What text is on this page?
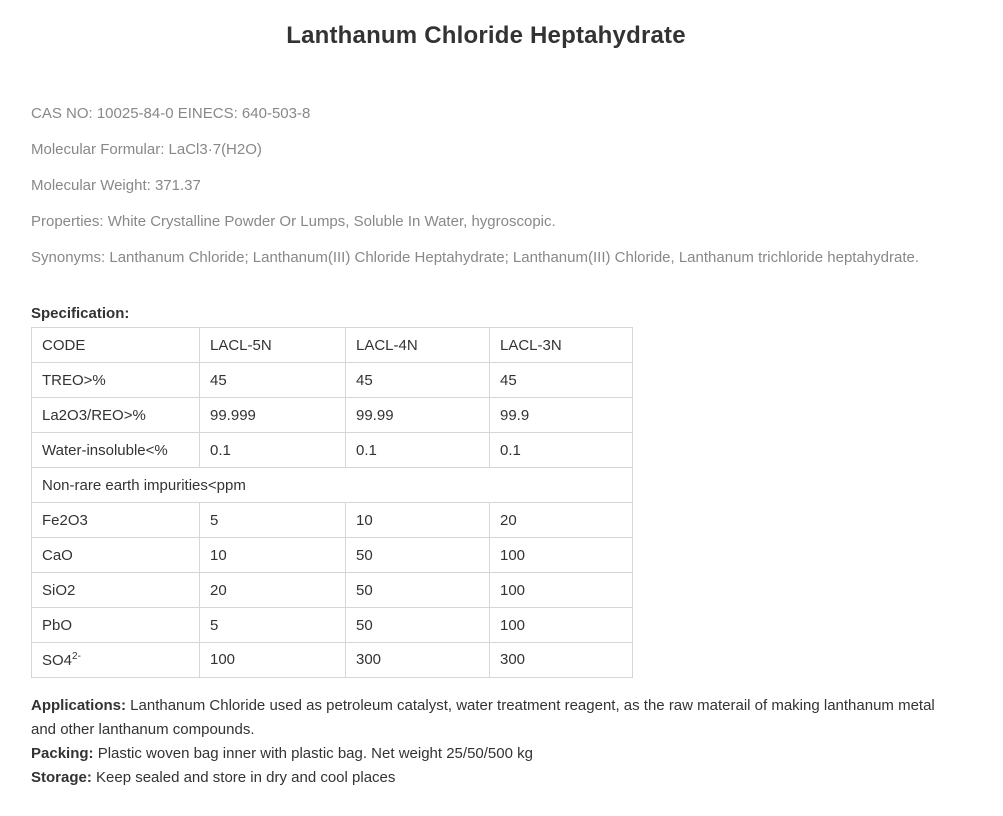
Lanthanum Chloride Heptahydrate
CAS NO: 10025-84-0 EINECS: 640-503-8
Molecular Formular: LaCl3·7(H2O)
Molecular Weight: 371.37
Properties: White Crystalline Powder Or Lumps, Soluble In Water, hygroscopic.
Synonyms: Lanthanum Chloride; Lanthanum(III) Chloride Heptahydrate; Lanthanum(III) Chloride, Lanthanum trichloride heptahydrate.
Specification:
CODE	LACL-5N	LACL-4N	LACL-3N
TREO>%	45	45	45
La2O3/REO>%	99.999	99.99	99.9
Water-insoluble<%	0.1	0.1	0.1
Non-rare earth impurities<ppm			
Fe2O3	5	10	20
CaO	10	50	100
SiO2	20	50	100
PbO	5	50	100
$SO4^{2-}$	100	300	300
Applications: Lanthanum Chloride used as petroleum catalyst, water treatment reagent, as the raw materail of making lanthanum metal and other lanthanum compounds.
Packing: Plastic woven bag inner with plastic bag. Net weight 25/50/500 kg
Storage: Keep sealed and store in dry and cool places
